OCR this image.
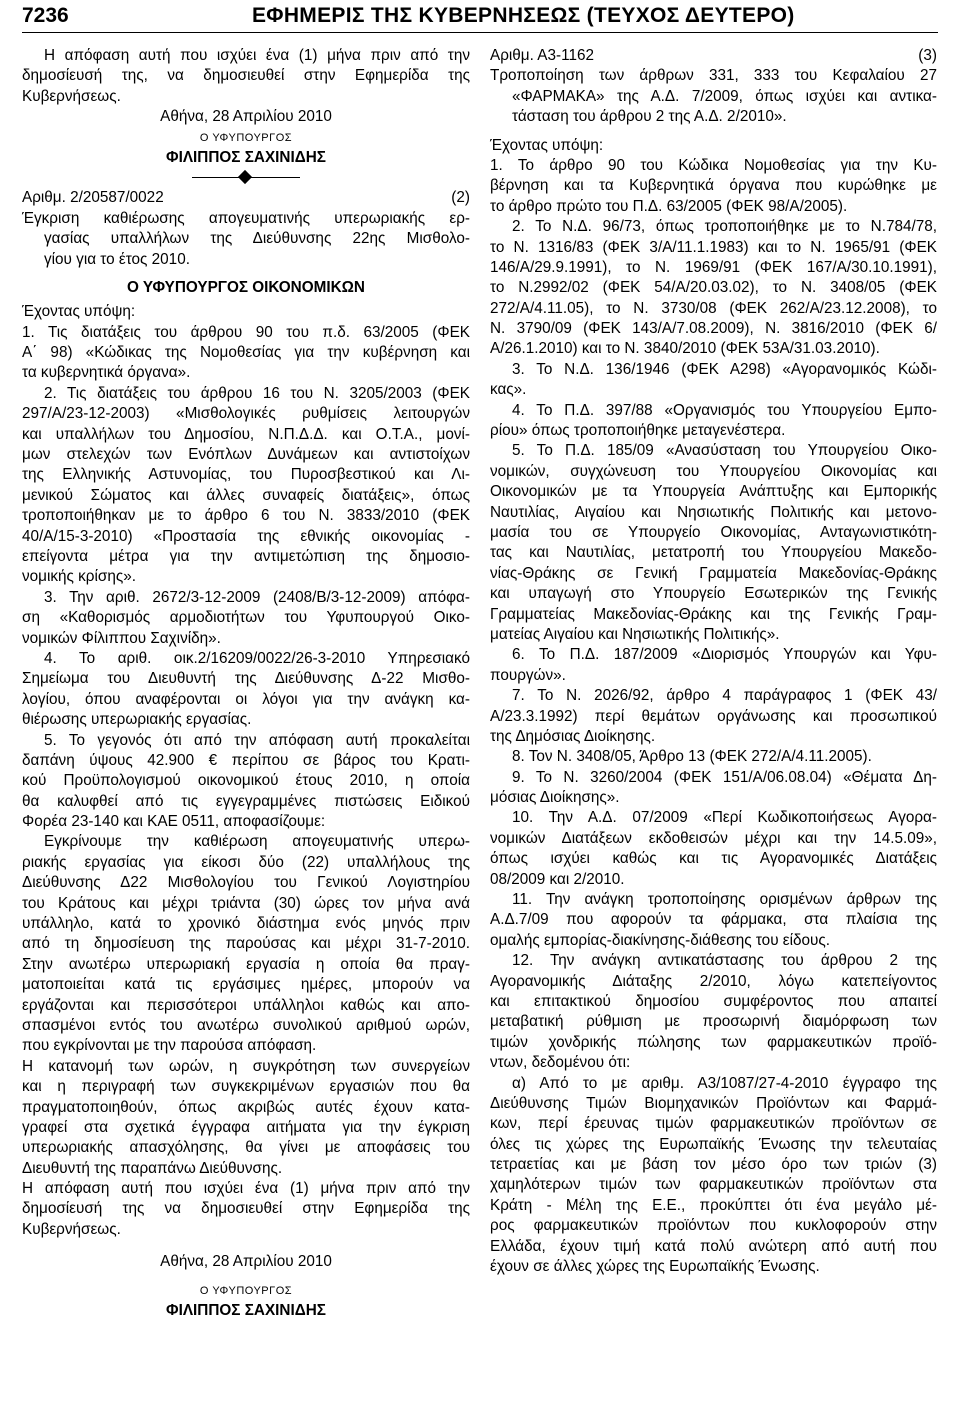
7236	ΕΦΗΜΕΡΙΣ ΤΗΣ ΚΥΒΕΡΝΗΣΕΩΣ (ΤΕΥΧΟΣ ΔΕΥΤΕΡΟ)
Η απόφαση αυτή που ισχύει ένα (1) μήνα πριν από την
δημοσίευσή της, να δημοσιευθεί στην Εφημερίδα της
Κυβερνήσεως.
Αθήνα, 28 Απριλίου 2010
Ο ΥΦΥΠΟΥΡΓΟΣ
ΦΙΛΙΠΠΟΣ ΣΑΧΙΝΙΔΗΣ
Αριθμ. 2/20587/0022	(2)
Έγκριση καθιέρωσης απογευματινής υπερωριακής ερ-
γασίας υπαλλήλων της Διεύθυνσης 22ης Μισθολο-
γίου για το έτος 2010.
Ο ΥΦΥΠΟΥΡΓΟΣ ΟΙΚΟΝΟΜΙΚΩΝ
Έχοντας υπόψη:
1. Τις διατάξεις του άρθρου 90 του π.δ. 63/2005 (ΦΕΚ
Α΄ 98) «Κώδικας της Νομοθεσίας για την κυβέρνηση και
τα κυβερνητικά όργανα».
2. Τις διατάξεις του άρθρου 16 του Ν. 3205/2003 (ΦΕΚ
297/Α/23-12-2003) «Μισθολογικές ρυθμίσεις λειτουργών
και υπαλλήλων του Δημοσίου, Ν.Π.Δ.Δ. και Ο.Τ.Α., μονί-
μων στελεχών των Ενόπλων Δυνάμεων και αντιστοίχων
της Ελληνικής Αστυνομίας, του Πυροσβεστικού και Λι-
μενικού Σώματος και άλλες συναφείς διατάξεις», όπως
τροποποιήθηκαν με το άρθρο 6 του Ν. 3833/2010 (ΦΕΚ
40/Α/15-3-2010) «Προστασία της εθνικής οικονομίας -
επείγοντα μέτρα για την αντιμετώπιση της δημοσιο-
νομικής κρίσης».
3. Την αριθ. 2672/3-12-2009 (2408/Β/3-12-2009) απόφα-
ση «Καθορισμός αρμοδιοτήτων του Υφυπουργού Οικο-
νομικών Φίλιππου Σαχινίδη».
4. Το αριθ. οικ.2/16209/0022/26-3-2010 Υπηρεσιακό
Σημείωμα του Διευθυντή της Διεύθυνσης Δ-22 Μισθο-
λογίου, όπου αναφέρονται οι λόγοι για την ανάγκη κα-
θιέρωσης υπερωριακής εργασίας.
5. Το γεγονός ότι από την απόφαση αυτή προκαλείται
δαπάνη ύψους 42.900 € περίπου σε βάρος του Κρατι-
κού Προϋπολογισμού οικονομικού έτους 2010, η οποία
θα καλυφθεί από τις εγγεγραμμένες πιστώσεις Ειδικού
Φορέα 23-140 και ΚΑΕ 0511, αποφασίζουμε:
Εγκρίνουμε την καθιέρωση απογευματινής υπερω-
ριακής εργασίας για είκοσι δύο (22) υπαλλήλους της
Διεύθυνσης Δ22 Μισθολογίου του Γενικού Λογιστηρίου
του Κράτους και μέχρι τριάντα (30) ώρες τον μήνα ανά
υπάλληλο, κατά το χρονικό διάστημα ενός μηνός πριν
από τη δημοσίευση της παρούσας και μέχρι 31-7-2010.
Στην ανωτέρω υπερωριακή εργασία η οποία θα πραγ-
ματοποιείται κατά τις εργάσιμες ημέρες, μπορούν να
εργάζονται και περισσότεροι υπάλληλοι καθώς και απο-
σπασμένοι εντός του ανωτέρω συνολικού αριθμού ωρών,
που εγκρίνονται με την παρούσα απόφαση.
Η κατανομή των ωρών, η συγκρότηση των συνεργείων
και η περιγραφή των συγκεκριμένων εργασιών που θα
πραγματοποιηθούν, όπως ακριβώς αυτές έχουν κατα-
γραφεί στα σχετικά έγγραφα αιτήματα για την έγκριση
υπερωριακής απασχόλησης, θα γίνει με αποφάσεις του
Διευθυντή της παραπάνω Διεύθυνσης.
Η απόφαση αυτή που ισχύει ένα (1) μήνα πριν από την
δημοσίευσή της να δημοσιευθεί στην Εφημερίδα της
Κυβερνήσεως.
Αθήνα, 28 Απριλίου 2010
Ο ΥΦΥΠΟΥΡΓΟΣ
ΦΙΛΙΠΠΟΣ ΣΑΧΙΝΙΔΗΣ
Αριθμ. Α3-1162	(3)
Τροποποίηση των άρθρων 331, 333 του Κεφαλαίου 27
«ΦΑΡΜΑΚΑ» της Α.Δ. 7/2009, όπως ισχύει και αντικα-
τάσταση του άρθρου 2 της Α.Δ. 2/2010».
Έχοντας υπόψη:
1. Το άρθρο 90 του Κώδικα Νομοθεσίας για την Κυ-
βέρνηση και τα Κυβερνητικά όργανα που κυρώθηκε με
το άρθρο πρώτο του Π.Δ. 63/2005 (ΦΕΚ 98/Α/2005).
2. Το Ν.Δ. 96/73, όπως τροποποιήθηκε με το Ν.784/78,
το Ν. 1316/83 (ΦΕΚ 3/Α/11.1.1983) και το Ν. 1965/91 (ΦΕΚ
146/Α/29.9.1991), το Ν. 1969/91 (ΦΕΚ 167/Α/30.10.1991),
το Ν.2992/02 (ΦΕΚ 54/Α/20.03.02), το Ν. 3408/05 (ΦΕΚ
272/Α/4.11.05), το Ν. 3730/08 (ΦΕΚ 262/Α/23.12.2008), το
Ν. 3790/09 (ΦΕΚ 143/Α/7.08.2009), Ν. 3816/2010 (ΦΕΚ 6/
Α/26.1.2010) και το Ν. 3840/2010 (ΦΕΚ 53Α/31.03.2010).
3. Το Ν.Δ. 136/1946 (ΦΕΚ Α298) «Αγορανομικός Κώδι-
κας».
4. Το Π.Δ. 397/88 «Οργανισμός του Υπουργείου Εμπο-
ρίου» όπως τροποποιήθηκε μεταγενέστερα.
5. Το Π.Δ. 185/09 «Ανασύσταση του Υπουργείου Οικο-
νομικών, συγχώνευση του Υπουργείου Οικονομίας και
Οικονομικών με τα Υπουργεία Ανάπτυξης και Εμπορικής
Ναυτιλίας, Αιγαίου και Νησιωτικής Πολιτικής και μετονο-
μασία του σε Υπουργείο Οικονομίας, Ανταγωνιστικότη-
τας και Ναυτιλίας, μετατροπή του Υπουργείου Μακεδο-
νίας-Θράκης σε Γενική Γραμματεία Μακεδονίας-Θράκης
και υπαγωγή στο Υπουργείο Εσωτερικών της Γενικής
Γραμματείας Μακεδονίας-Θράκης και της Γενικής Γραμ-
ματείας Αιγαίου και Νησιωτικής Πολιτικής».
6. Το Π.Δ. 187/2009 «Διορισμός Υπουργών και Υφυ-
πουργών».
7. Το Ν. 2026/92, άρθρο 4 παράγραφος 1 (ΦΕΚ 43/
Α/23.3.1992) περί θεμάτων οργάνωσης και προσωπικού
της Δημόσιας Διοίκησης.
8. Τον Ν. 3408/05, Άρθρο 13 (ΦΕΚ 272/Α/4.11.2005).
9. Το Ν. 3260/2004 (ΦΕΚ 151/Α/06.08.04) «Θέματα Δη-
μόσιας Διοίκησης».
10. Την Α.Δ. 07/2009 «Περί Κωδικοποιήσεως Αγορα-
νομικών Διατάξεων εκδοθεισών μέχρι και την 14.5.09»,
όπως ισχύει καθώς και τις Αγορανομικές Διατάξεις
08/2009 και 2/2010.
11. Την ανάγκη τροποποίησης ορισμένων άρθρων της
Α.Δ.7/09 που αφορούν τα φάρμακα, στα πλαίσια της
ομαλής εμπορίας-διακίνησης-διάθεσης του είδους.
12. Την ανάγκη αντικατάστασης του άρθρου 2 της
Αγορανομικής Διάταξης 2/2010, λόγω κατεπείγοντος
και επιτακτικού δημοσίου συμφέροντος που απαιτεί
μεταβατική ρύθμιση με προσωρινή διαμόρφωση των
τιμών χονδρικής πώλησης των φαρμακευτικών προϊό-
ντων, δεδομένου ότι:
α) Από το με αριθμ. Α3/1087/27-4-2010 έγγραφο της
Διεύθυνσης Τιμών Βιομηχανικών Προϊόντων και Φαρμά-
κων, περί έρευνας τιμών φαρμακευτικών προϊόντων σε
όλες τις χώρες της Ευρωπαϊκής Ένωσης την τελευταίας
τετραετίας και με βάση τον μέσο όρο των τριών (3)
χαμηλότερων τιμών των φαρμακευτικών προϊόντων στα
Κράτη - Μέλη της Ε.Ε., προκύπτει ότι ένα μεγάλο μέ-
ρος φαρμακευτικών προϊόντων που κυκλοφορούν στην
Ελλάδα, έχουν τιμή κατά πολύ ανώτερη από αυτή που
έχουν σε άλλες χώρες της Ευρωπαϊκής Ένωσης.
